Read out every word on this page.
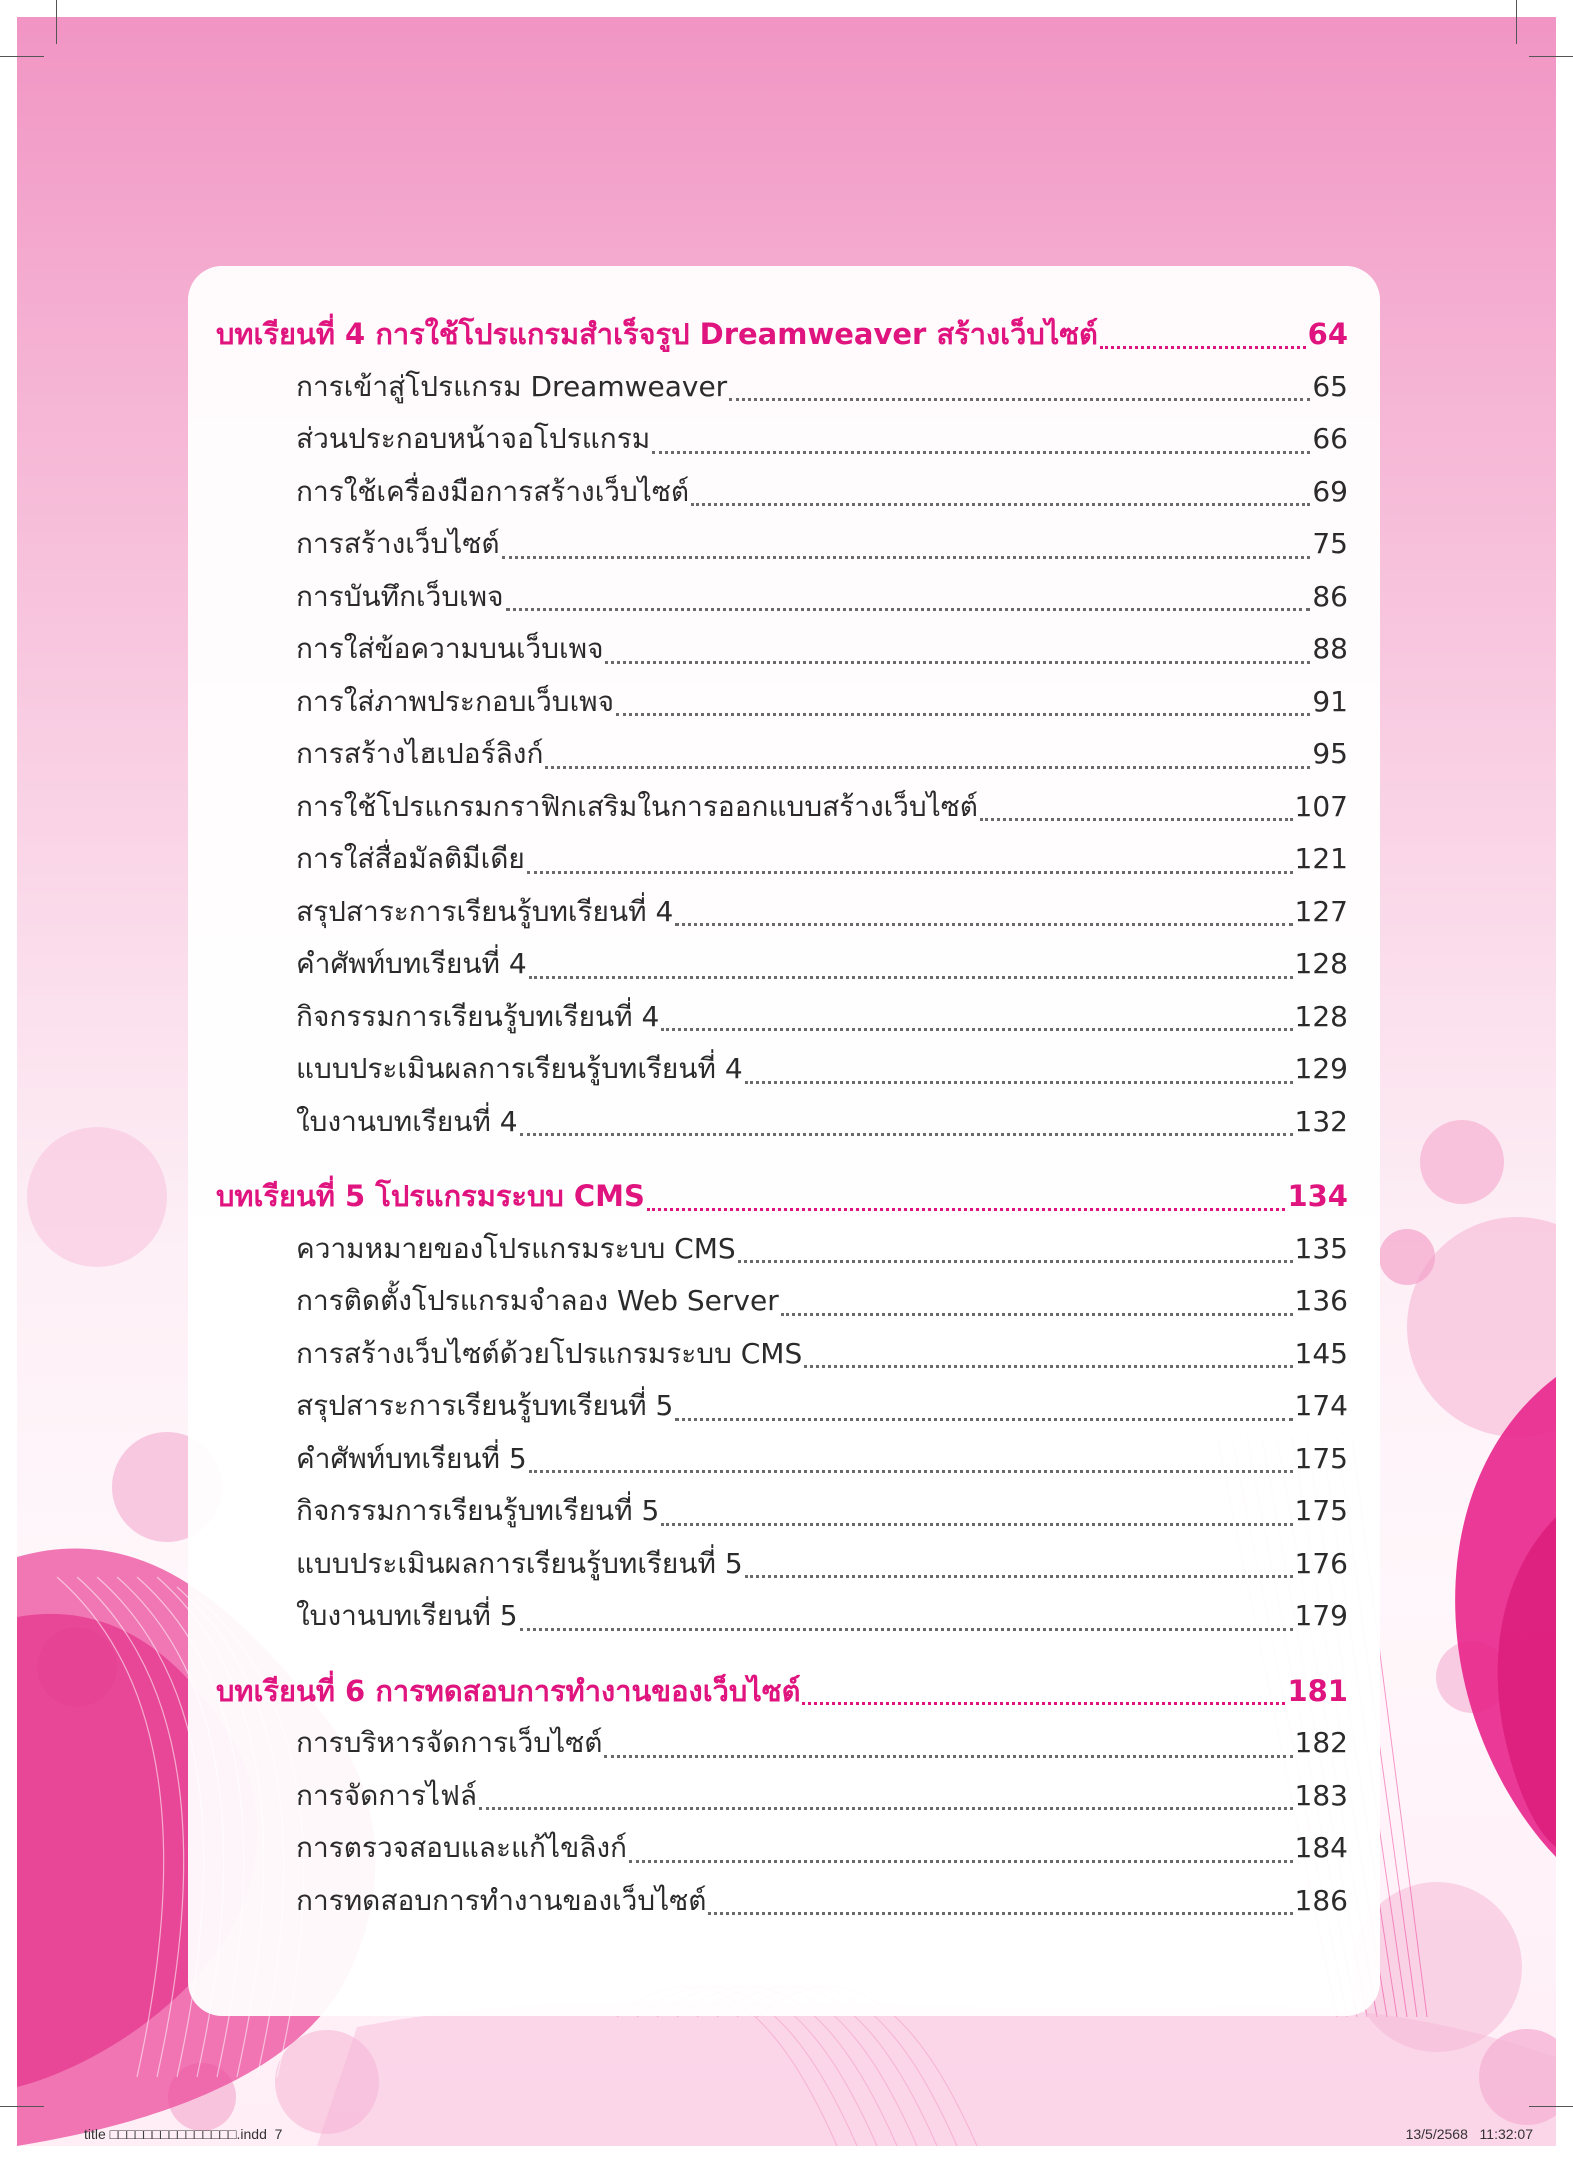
บทเรียนที่ 4 การใช้โปรแกรมสำเร็จรูป Dreamweaver สร้างเว็บไซต์	64
การเข้าสู่โปรแกรม Dreamweaver	65
ส่วนประกอบหน้าจอโปรแกรม	66
การใช้เครื่องมือการสร้างเว็บไซต์	69
การสร้างเว็บไซต์	75
การบันทึกเว็บเพจ	86
การใส่ข้อความบนเว็บเพจ	88
การใส่ภาพประกอบเว็บเพจ	91
การสร้างไฮเปอร์ลิงก์	95
การใช้โปรแกรมกราฟิกเสริมในการออกแบบสร้างเว็บไซต์	107
การใส่สื่อมัลติมีเดีย	121
สรุปสาระการเรียนรู้บทเรียนที่ 4	127
คำศัพท์บทเรียนที่ 4	128
กิจกรรมการเรียนรู้บทเรียนที่ 4	128
แบบประเมินผลการเรียนรู้บทเรียนที่ 4	129
ใบงานบทเรียนที่ 4	132
บทเรียนที่ 5 โปรแกรมระบบ CMS	134
ความหมายของโปรแกรมระบบ CMS	135
การติดตั้งโปรแกรมจำลอง Web Server	136
การสร้างเว็บไซต์ด้วยโปรแกรมระบบ CMS	145
สรุปสาระการเรียนรู้บทเรียนที่ 5	174
คำศัพท์บทเรียนที่ 5	175
กิจกรรมการเรียนรู้บทเรียนที่ 5	175
แบบประเมินผลการเรียนรู้บทเรียนที่ 5	176
ใบงานบทเรียนที่ 5	179
บทเรียนที่ 6 การทดสอบการทำงานของเว็บไซต์	181
การบริหารจัดการเว็บไซต์	182
การจัดการไฟล์	183
การตรวจสอบและแก้ไขลิงก์	184
การทดสอบการทำงานของเว็บไซต์	186
title □□□□□□□□□□□□□□□.indd 7	13/5/2568   11:32:07
